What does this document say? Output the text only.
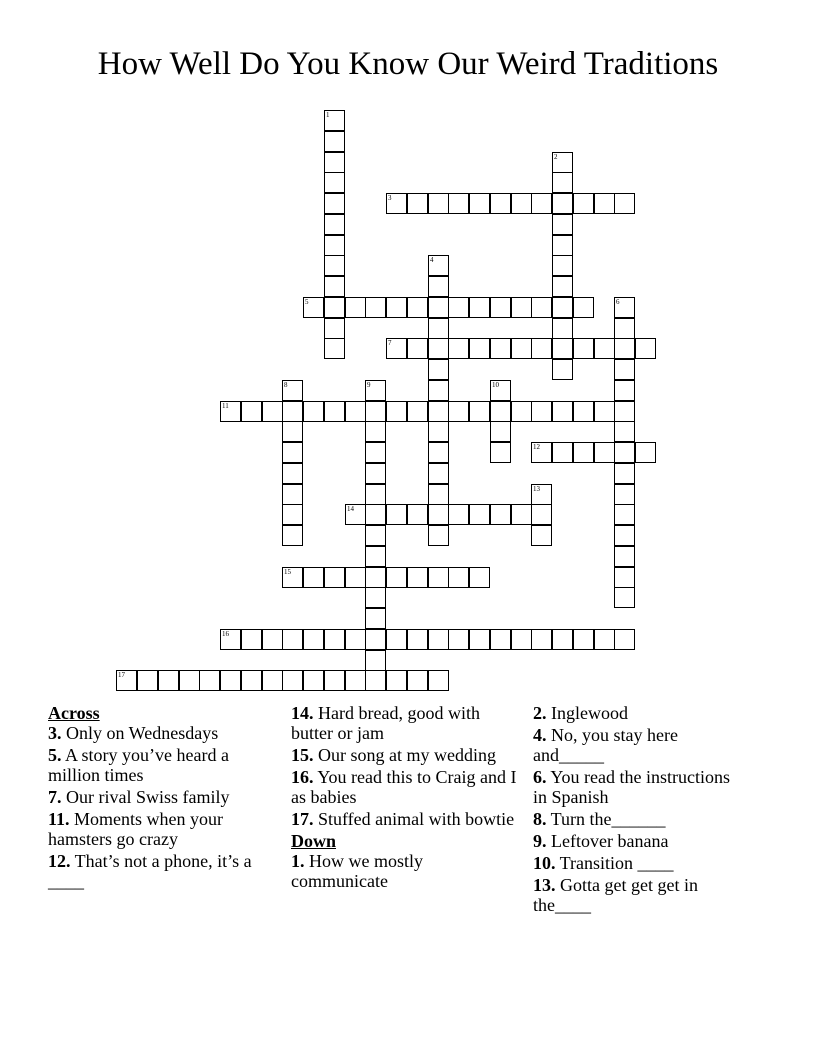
How Well Do You Know Our Weird Traditions
1
2
3
4
5	6
7
8	9	10
11
12
13
14
15
16
17
Across
3. Only on Wednesdays
5. A story you’ve heard a million times
7. Our rival Swiss family
11. Moments when your hamsters go crazy
12. That’s not a phone, it’s a ____
14. Hard bread, good with butter or jam
15. Our song at my wedding
16. You read this to Craig and I as babies
17. Stuffed animal with bowtie
Down
1. How we mostly communicate
2. Inglewood
4. No, you stay here and_____
6. You read the instructions in Spanish
8. Turn the______
9. Leftover banana
10. Transition ____
13. Gotta get get get in the____
